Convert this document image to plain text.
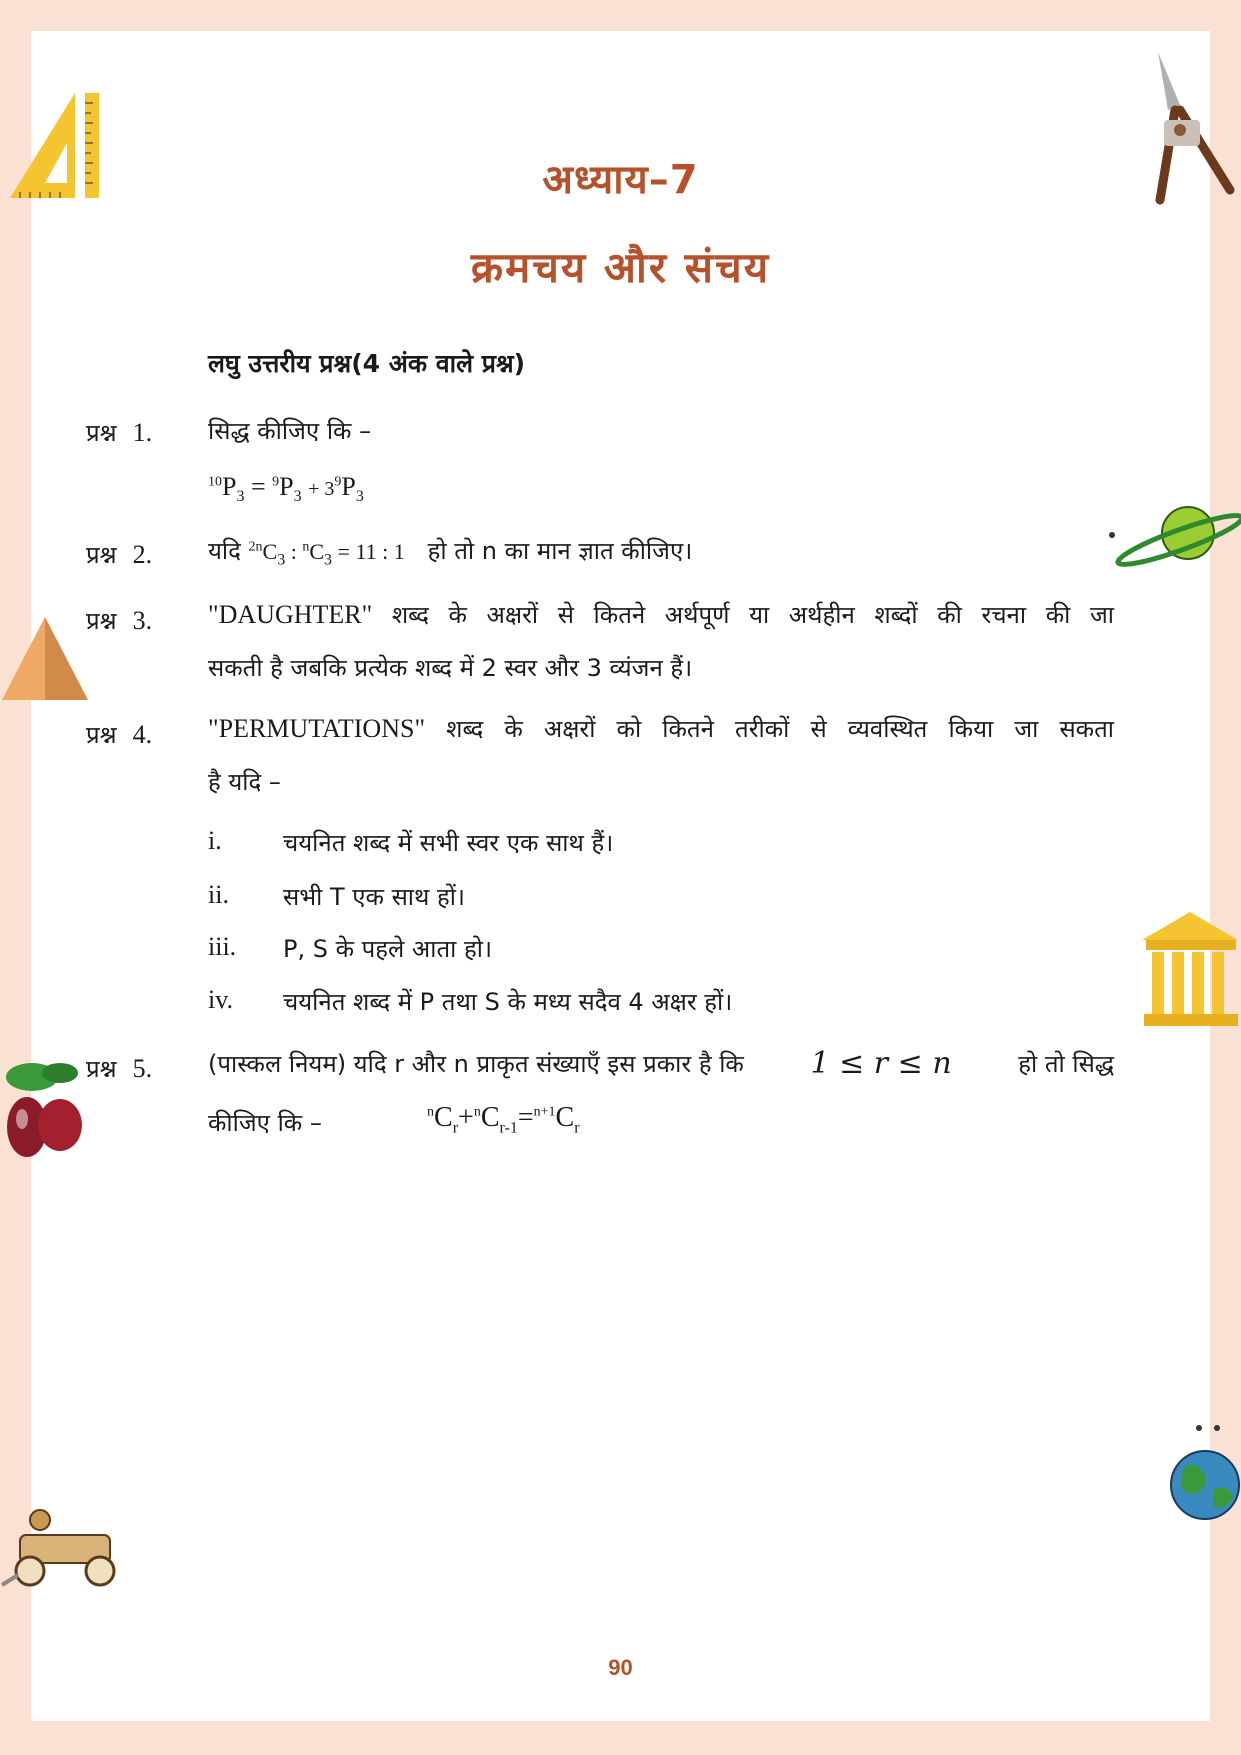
अध्याय–7
क्रमचय और संचय
लघु उत्तरीय प्रश्न(4 अंक वाले प्रश्न)
प्रश्न 1. सिद्ध कीजिए कि –
$^{10}P_3 = ^9P_3 + 3^9P_3$
प्रश्न 2. यदि $^{2n}C_3$ : $^nC_3 = 11$ : 1 हो तो n का मान ज्ञात कीजिए।
प्रश्न 3. "DAUGHTER" शब्द के अक्षरों से कितने अर्थपूर्ण या अर्थहीन शब्दों की रचना की जा
सकती है जबकि प्रत्येक शब्द में 2 स्वर और 3 व्यंजन हैं।
प्रश्न 4. "PERMUTATIONS" शब्द के अक्षरों को कितने तरीकों से व्यवस्थित किया जा सकता
है यदि –
i.	चयनित शब्द में सभी स्वर एक साथ हैं।
ii. सभी T एक साथ हों।
iii. P, S के पहले आता हो।
iv. चयनित शब्द में P तथा S के मध्य सदैव 4 अक्षर हों।
प्रश्न 5. (पास्कल नियम) यदि r और n प्राकृत संख्याएँ इस प्रकार है कि 1 ≤ r ≤ n	हो तो सिद्ध
कीजिए कि –	$^nC_r+^nC_{r-1}=^{n+1}C_r$
90
